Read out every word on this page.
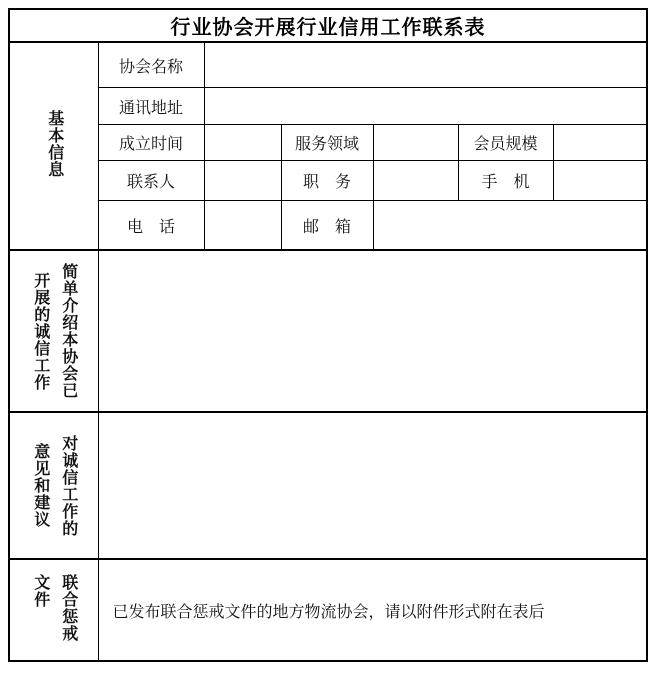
行业协会开展行业信用工作联系表						
基本信息	协会名称					
	通讯地址					
	成立时间		服务领域		会员规模	
	联系人		职　务		手　机	
	电　话		邮　箱			

简单介绍本协会已
开展的诚信工作						

对诚信工作的
意见和建议						

联合惩戒
文件	已发布联合惩戒文件的地方物流协会，请以附件形式附在表后					
